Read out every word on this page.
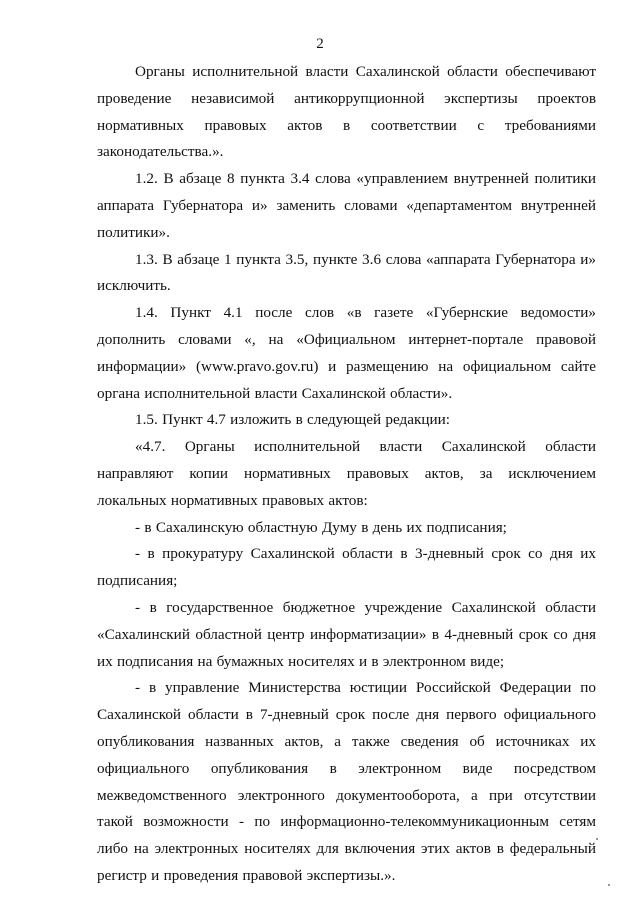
2

Органы исполнительной власти Сахалинской области обеспечивают проведение независимой антикоррупционной экспертизы проектов нормативных правовых актов в соответствии с требованиями законодательства.».

1.2. В абзаце 8 пункта 3.4 слова «управлением внутренней политики аппарата Губернатора и» заменить словами «департаментом внутренней политики».

1.3. В абзаце 1 пункта 3.5, пункте 3.6 слова «аппарата Губернатора и» исключить.

1.4. Пункт 4.1 после слов «в газете «Губернские ведомости» дополнить словами «, на «Официальном интернет-портале правовой информации» (www.pravo.gov.ru) и размещению на официальном сайте органа исполнительной власти Сахалинской области».

1.5. Пункт 4.7 изложить в следующей редакции:

«4.7. Органы исполнительной власти Сахалинской области направляют копии нормативных правовых актов, за исключением локальных нормативных правовых актов:

- в Сахалинскую областную Думу в день их подписания;

- в прокуратуру Сахалинской области в 3-дневный срок со дня их подписания;

- в государственное бюджетное учреждение Сахалинской области «Сахалинский областной центр информатизации» в 4-дневный срок со дня их подписания на бумажных носителях и в электронном виде;

- в управление Министерства юстиции Российской Федерации по Сахалинской области в 7-дневный срок после дня первого официального опубликования названных актов, а также сведения об источниках их официального опубликования в электронном виде посредством межведомственного электронного документооборота, а при отсутствии такой возможности - по информационно-телекоммуникационным сетям либо на электронных носителях для включения этих актов в федеральный регистр и проведения правовой экспертизы.».
